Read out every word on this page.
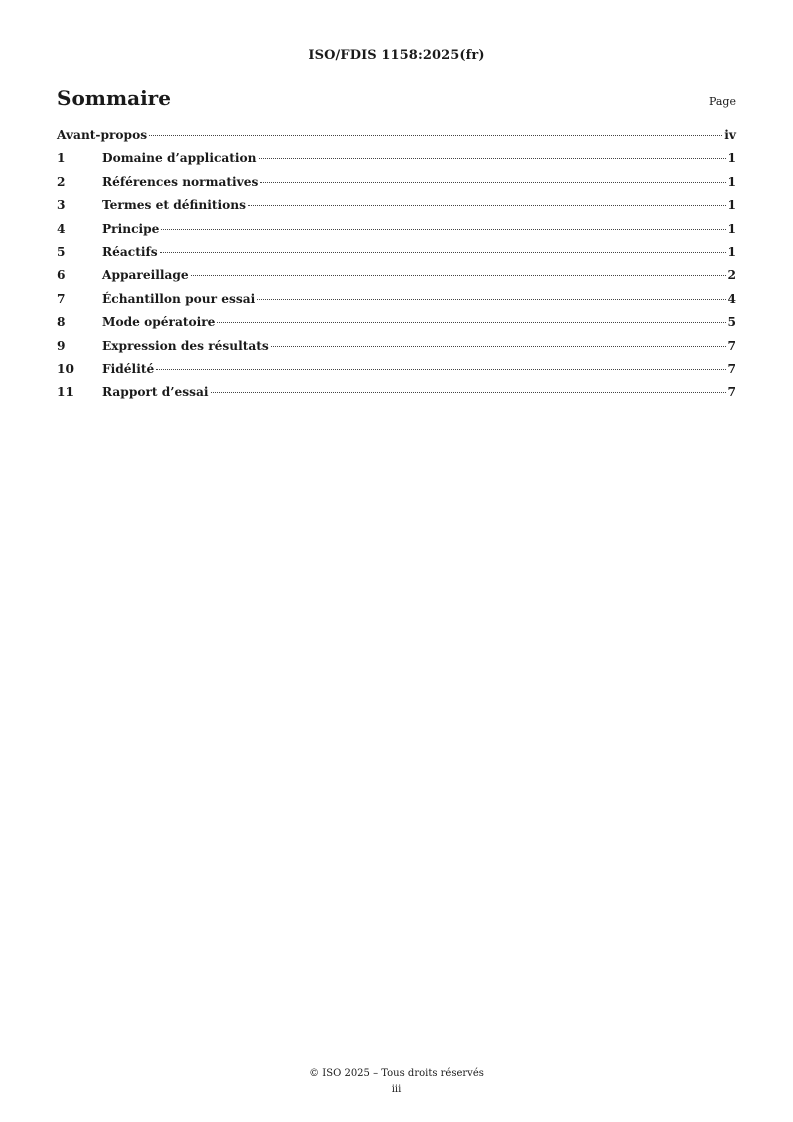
ISO/FDIS 1158:2025(fr)
Sommaire	Page
Avant-propos	iv
1	Domaine d’application	1
2	Références normatives	1
3	Termes et définitions	1
4	Principe	1
5	Réactifs	1
6	Appareillage	2
7	Échantillon pour essai	4
8	Mode opératoire	5
9	Expression des résultats	7
10	Fidélité	7
11	Rapport d’essai	7
© ISO 2025 – Tous droits réservés
iii
